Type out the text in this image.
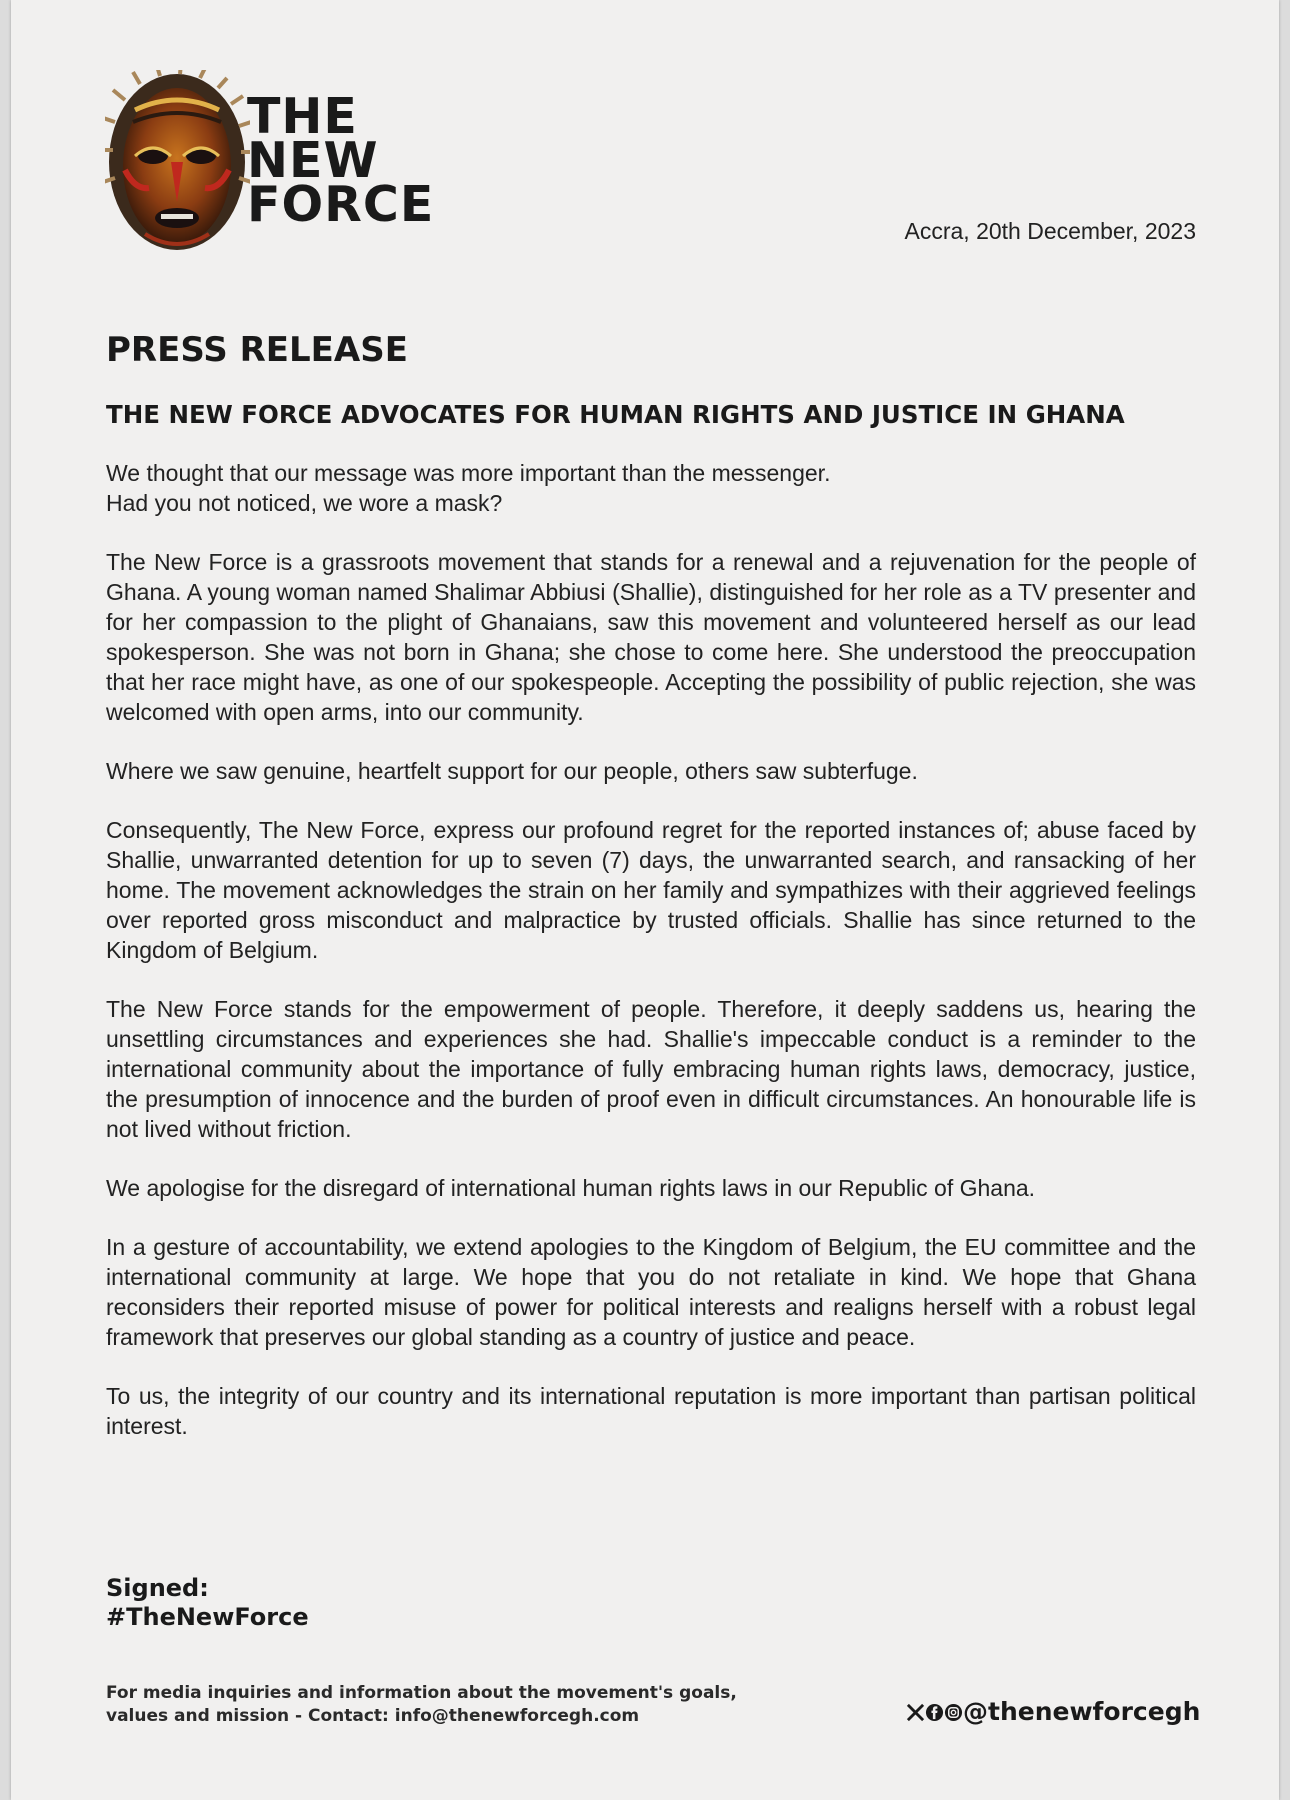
THE
NEW
FORCE	Accra, 20th December, 2023
PRESS RELEASE
THE NEW FORCE ADVOCATES FOR HUMAN RIGHTS AND JUSTICE IN GHANA

We thought that our message was more important than the messenger.
Had you not noticed, we wore a mask?

The New Force is a grassroots movement that stands for a renewal and a rejuvenation for the people of Ghana. A young woman named Shalimar Abbiusi (Shallie), distinguished for her role as a TV presenter and for her compassion to the plight of Ghanaians, saw this movement and volunteered herself as our lead spokesperson. She was not born in Ghana; she chose to come here. She understood the preoccupation that her race might have, as one of our spokespeople. Accepting the possibility of public rejection, she was welcomed with open arms, into our community.

Where we saw genuine, heartfelt support for our people, others saw subterfuge.

Consequently, The New Force, express our profound regret for the reported instances of; abuse faced by Shallie, unwarranted detention for up to seven (7) days, the unwarranted search, and ransacking of her home. The movement acknowledges the strain on her family and sympathizes with their aggrieved feelings over reported gross misconduct and malpractice by trusted officials. Shallie has since returned to the Kingdom of Belgium.

The New Force stands for the empowerment of people. Therefore, it deeply saddens us, hearing the unsettling circumstances and experiences she had. Shallie's impeccable conduct is a reminder to the international community about the importance of fully embracing human rights laws, democracy, justice, the presumption of innocence and the burden of proof even in difficult circumstances. An honourable life is not lived without friction.

We apologise for the disregard of international human rights laws in our Republic of Ghana.

In a gesture of accountability, we extend apologies to the Kingdom of Belgium, the EU committee and the international community at large. We hope that you do not retaliate in kind. We hope that Ghana reconsiders their reported misuse of power for political interests and realigns herself with a robust legal framework that preserves our global standing as a country of justice and peace.

To us, the integrity of our country and its international reputation is more important than partisan political interest.

Signed:
#TheNewForce
For media inquiries and information about the movement's goals,
values and mission - Contact: info@thenewforcegh.com	@thenewforcegh
